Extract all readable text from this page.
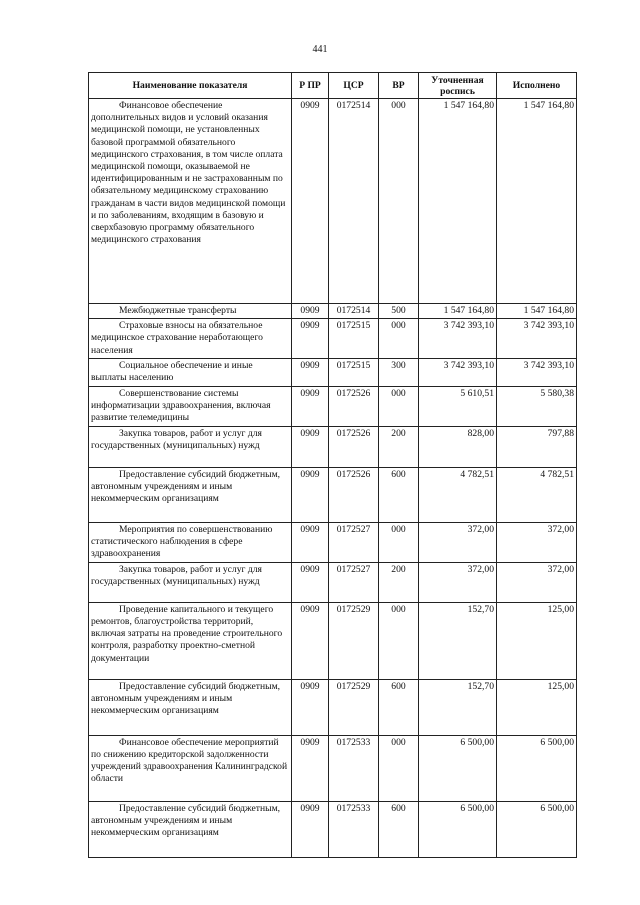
441
Наименование показателя	Р ПР	ЦСР	ВР	Уточненная роспись	Исполнено
Финансовое обеспечение дополнительных видов и условий оказания медицинской помощи, не установленных базовой программой обязательного медицинского страхования, в том числе оплата медицинской помощи, оказываемой не идентифицированным и не застрахованным по обязательному медицинскому страхованию гражданам в части видов медицинской помощи и по заболеваниям, входящим в базовую и сверхбазовую программу обязательного медицинского страхования	0909	0172514	000	1 547 164,80	1 547 164,80
Межбюджетные трансферты	0909	0172514	500	1 547 164,80	1 547 164,80
Страховые взносы на обязательное медицинское страхование неработающего населения	0909	0172515	000	3 742 393,10	3 742 393,10
Социальное обеспечение и иные выплаты населению	0909	0172515	300	3 742 393,10	3 742 393,10
Совершенствование системы информатизации здравоохранения, включая развитие телемедицины	0909	0172526	000	5 610,51	5 580,38
Закупка товаров, работ и услуг для государственных (муниципальных) нужд	0909	0172526	200	828,00	797,88
Предоставление субсидий бюджетным, автономным учреждениям и иным некоммерческим организациям	0909	0172526	600	4 782,51	4 782,51
Мероприятия по совершенствованию статистического наблюдения в сфере здравоохранения	0909	0172527	000	372,00	372,00
Закупка товаров, работ и услуг для государственных (муниципальных) нужд	0909	0172527	200	372,00	372,00
Проведение капитального и текущего ремонтов, благоустройства территорий, включая затраты на проведение строительного контроля, разработку проектно-сметной документации	0909	0172529	000	152,70	125,00
Предоставление субсидий бюджетным, автономным учреждениям и иным некоммерческим организациям	0909	0172529	600	152,70	125,00
Финансовое обеспечение мероприятий по снижению кредиторской задолженности учреждений здравоохранения Калининградской области	0909	0172533	000	6 500,00	6 500,00
Предоставление субсидий бюджетным, автономным учреждениям и иным некоммерческим организациям	0909	0172533	600	6 500,00	6 500,00
